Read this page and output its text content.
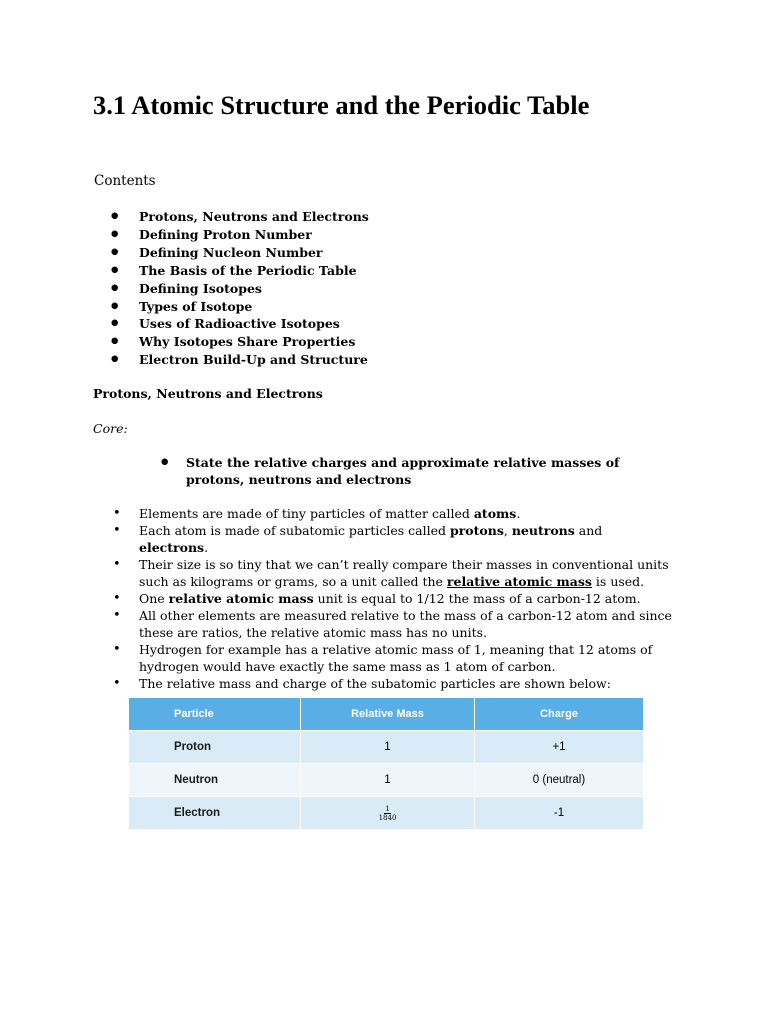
3.1 Atomic Structure and the Periodic Table
Contents
● Protons, Neutrons and Electrons
● Defining Proton Number
● Defining Nucleon Number
● The Basis of the Periodic Table
● Defining Isotopes
● Types of Isotope
● Uses of Radioactive Isotopes
● Why Isotopes Share Properties
● Electron Build-Up and Structure
Protons, Neutrons and Electrons
Core:
● State the relative charges and approximate relative masses of protons, neutrons and electrons
• Elements are made of tiny particles of matter called atoms.
• Each atom is made of subatomic particles called protons, neutrons and electrons.
• Their size is so tiny that we can’t really compare their masses in conventional units such as kilograms or grams, so a unit called the relative atomic mass is used.
• One relative atomic mass unit is equal to 1/12 the mass of a carbon-12 atom.
• All other elements are measured relative to the mass of a carbon-12 atom and since these are ratios, the relative atomic mass has no units.
• Hydrogen for example has a relative atomic mass of 1, meaning that 12 atoms of hydrogen would have exactly the same mass as 1 atom of carbon.
• The relative mass and charge of the subatomic particles are shown below:
Particle	Relative Mass	Charge
Proton	1	+1
Neutron	1	0 (neutral)
Electron	$\frac{1}{1840}$	-1
